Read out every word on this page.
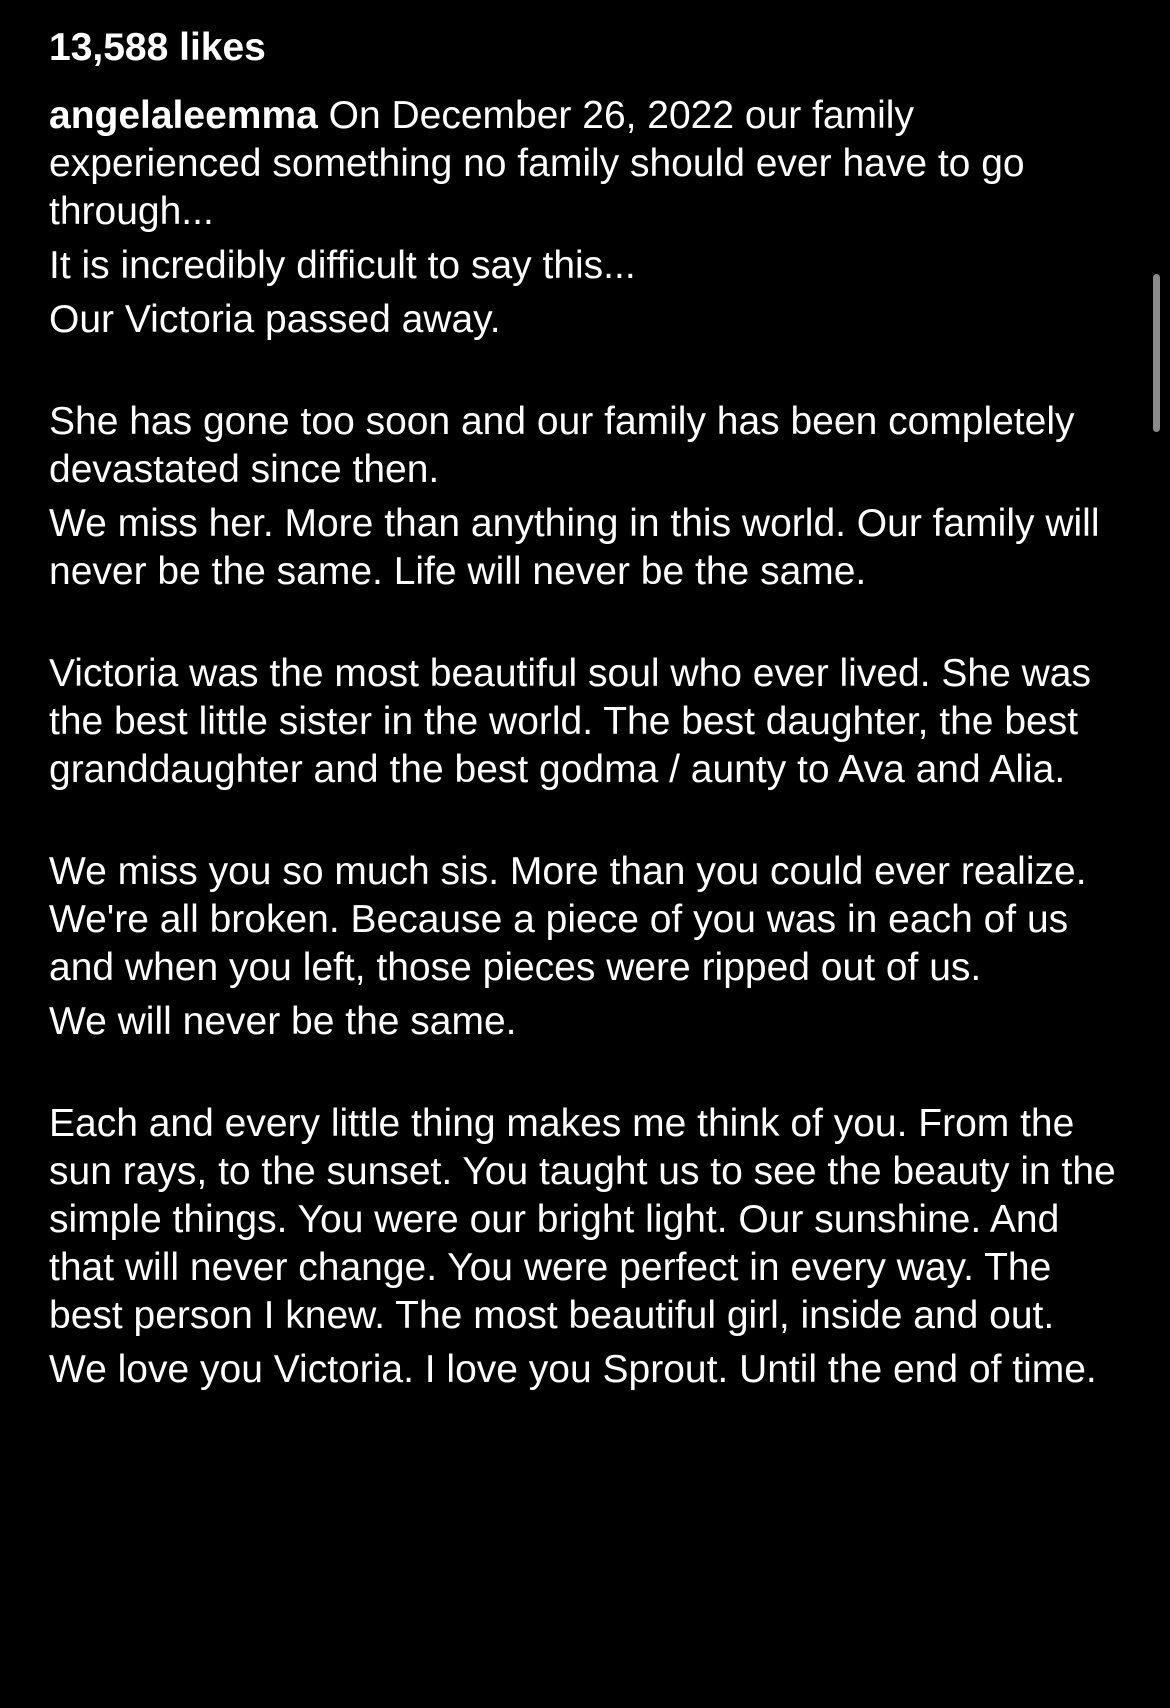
13,588 likes

angelaleemma On December 26, 2022 our family experienced something no family should ever have to go through...

It is incredibly difficult to say this...

Our Victoria passed away.

She has gone too soon and our family has been completely devastated since then.

We miss her. More than anything in this world. Our family will never be the same. Life will never be the same.

Victoria was the most beautiful soul who ever lived. She was the best little sister in the world. The best daughter, the best granddaughter and the best godma / aunty to Ava and Alia.

We miss you so much sis. More than you could ever realize. We're all broken. Because a piece of you was in each of us and when you left, those pieces were ripped out of us.

We will never be the same.

Each and every little thing makes me think of you. From the sun rays, to the sunset. You taught us to see the beauty in the simple things. You were our bright light. Our sunshine. And that will never change. You were perfect in every way. The best person I knew. The most beautiful girl, inside and out.

We love you Victoria. I love you Sprout. Until the end of time.
